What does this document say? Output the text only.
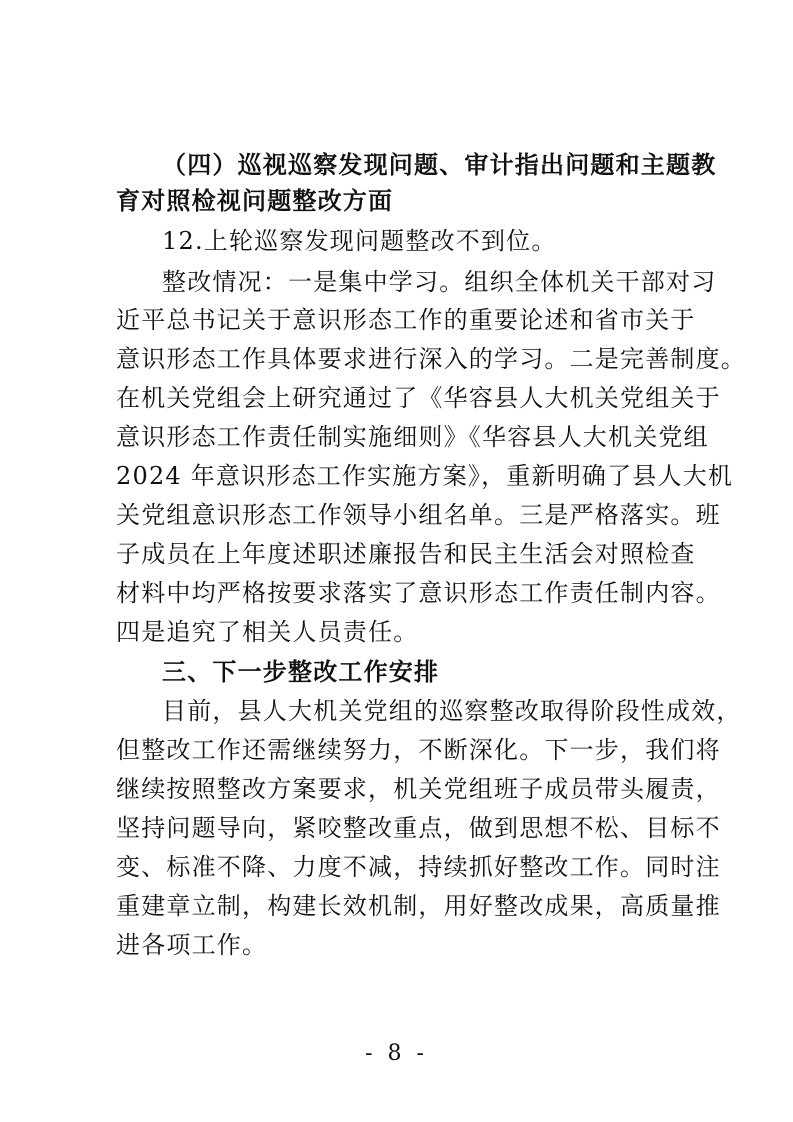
（四）巡视巡察发现问题、审计指出问题和主题教
育对照检视问题整改方面
12.上轮巡察发现问题整改不到位。
整改情况：一是集中学习。组织全体机关干部对习
近平总书记关于意识形态工作的重要论述和省市关于
意识形态工作具体要求进行深入的学习。二是完善制度。
在机关党组会上研究通过了《华容县人大机关党组关于
意识形态工作责任制实施细则》《华容县人大机关党组
2024 年意识形态工作实施方案》，重新明确了县人大机
关党组意识形态工作领导小组名单。三是严格落实。班
子成员在上年度述职述廉报告和民主生活会对照检查
材料中均严格按要求落实了意识形态工作责任制内容。
四是追究了相关人员责任。
三、下一步整改工作安排
目前，县人大机关党组的巡察整改取得阶段性成效，
但整改工作还需继续努力，不断深化。下一步，我们将
继续按照整改方案要求，机关党组班子成员带头履责，
坚持问题导向，紧咬整改重点，做到思想不松、目标不
变、标准不降、力度不减，持续抓好整改工作。同时注
重建章立制，构建长效机制，用好整改成果，高质量推
进各项工作。
- 8 -
